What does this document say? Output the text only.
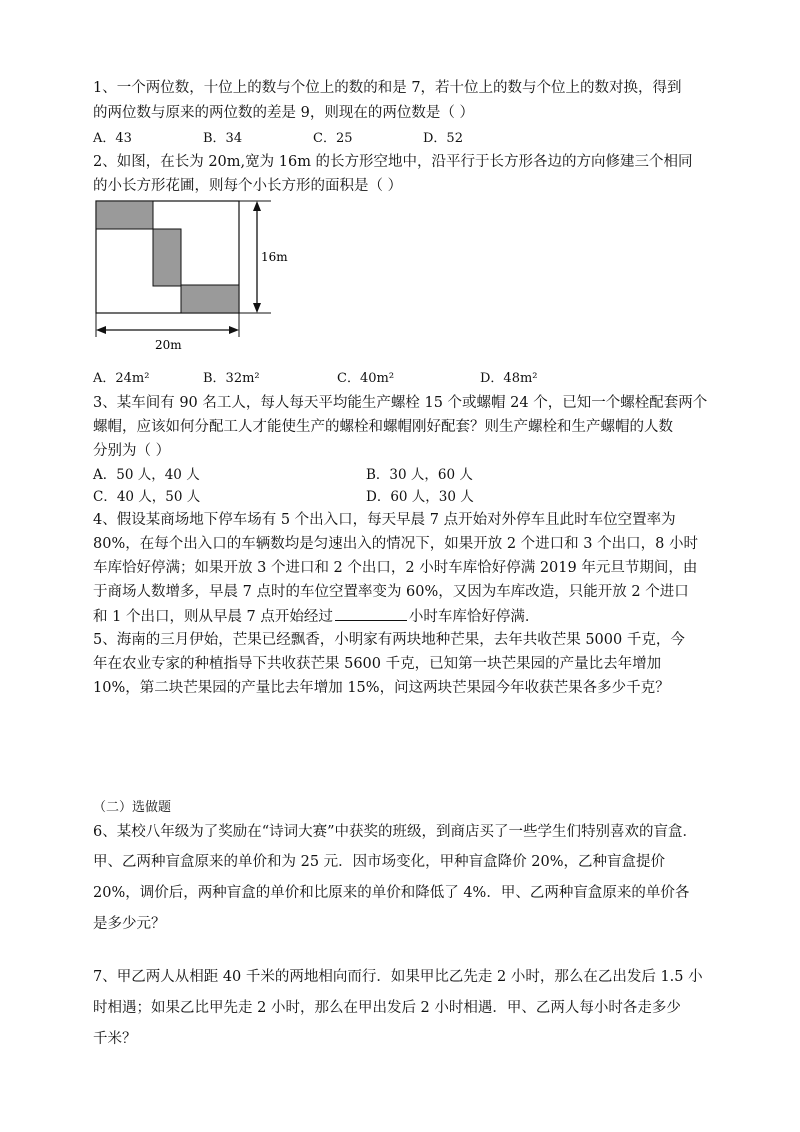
1、一个两位数，十位上的数与个位上的数的和是 7，若十位上的数与个位上的数对换，得到
的两位数与原来的两位数的差是 9，则现在的两位数是（ ）
A．43	B．34	C．25	D．52
2、如图，在长为 20m,宽为 16m 的长方形空地中，沿平行于长方形各边的方向修建三个相同
的小长方形花圃，则每个小长方形的面积是（ ）
16m
20m
A．24m²	B．32m²	C．40m²	D．48m²
3、某车间有 90 名工人，每人每天平均能生产螺栓 15 个或螺帽 24 个，已知一个螺栓配套两个
螺帽，应该如何分配工人才能使生产的螺栓和螺帽刚好配套？则生产螺栓和生产螺帽的人数
分别为（ ）
A．50 人，40 人	B．30 人，60 人
C．40 人，50 人	D．60 人，30 人
4、假设某商场地下停车场有 5 个出入口，每天早晨 7 点开始对外停车且此时车位空置率为
80%，在每个出入口的车辆数均是匀速出入的情况下，如果开放 2 个进口和 3 个出口，8 小时
车库恰好停满；如果开放 3 个进口和 2 个出口，2 小时车库恰好停满 2019 年元旦节期间，由
于商场人数增多，早晨 7 点时的车位空置率变为 60%，又因为车库改造，只能开放 2 个进口
和 1 个出口，则从早晨 7 点开始经过	小时车库恰好停满．
5、海南的三月伊始，芒果已经飘香，小明家有两块地种芒果，去年共收芒果 5000 千克，今
年在农业专家的种植指导下共收获芒果 5600 千克，已知第一块芒果园的产量比去年增加
10%，第二块芒果园的产量比去年增加 15%，问这两块芒果园今年收获芒果各多少千克？
（二）选做题
6、某校八年级为了奖励在“诗词大赛”中获奖的班级，到商店买了一些学生们特别喜欢的盲盒．
甲、乙两种盲盒原来的单价和为 25 元．因市场变化，甲种盲盒降价 20%，乙种盲盒提价
20%，调价后，两种盲盒的单价和比原来的单价和降低了 4%．甲、乙两种盲盒原来的单价各
是多少元？
7、甲乙两人从相距 40 千米的两地相向而行．如果甲比乙先走 2 小时，那么在乙出发后 1.5 小
时相遇；如果乙比甲先走 2 小时，那么在甲出发后 2 小时相遇．甲、乙两人每小时各走多少
千米？
